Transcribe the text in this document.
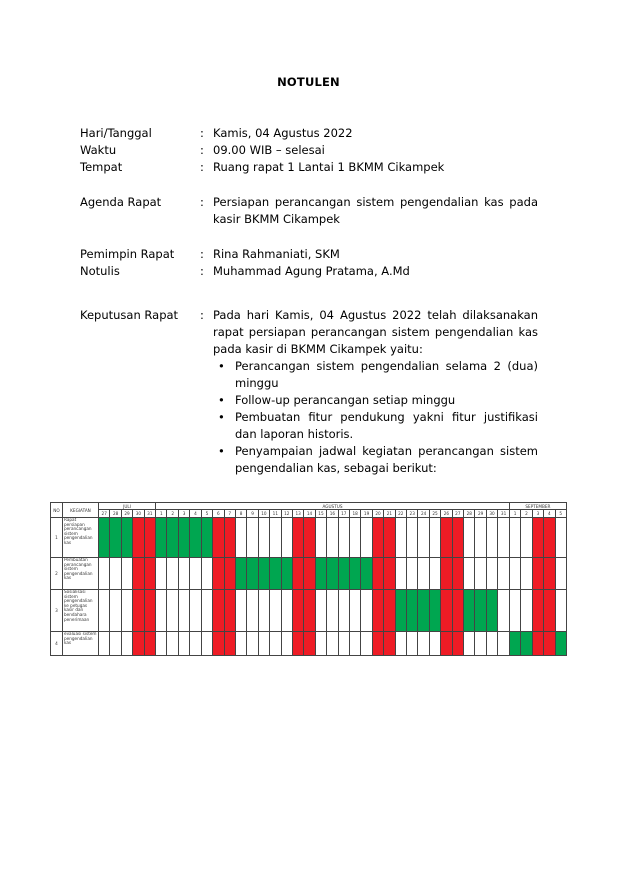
NOTULEN
Hari/Tanggal	: Kamis, 04 Agustus 2022
Waktu	: 09.00 WIB – selesai
Tempat	: Ruang rapat 1 Lantai 1 BKMM Cikampek
Agenda Rapat	: Persiapan perancangan sistem pengendalian kas pada kasir BKMM Cikampek
Pemimpin Rapat	: Rina Rahmaniati, SKM
Notulis	: Muhammad Agung Pratama, A.Md
Keputusan Rapat	: Pada hari Kamis, 04 Agustus 2022 telah dilaksanakan rapat persiapan perancangan sistem pengendalian kas pada kasir di BKMM Cikampek yaitu:
• Perancangan sistem pengendalian selama 2 (dua) minggu
• Follow-up perancangan setiap minggu
• Pembuatan fitur pendukung yakni fitur justifikasi dan laporan historis.
• Penyampaian jadwal kegiatan perancangan sistem pengendalian kas, sebagai berikut:
NO	KEGIATAN	JULI					AGUSTUS																															SEPTEMBER				
		27	28	29	30	31	1	2	3	4	5	6	7	8	9	10	11	12	13	14	15	16	17	18	19	20	21	22	23	24	25	26	27	28	29	30	31	1	2	3	4	5
1	Rapat persiapan perancangan sistem pengendalian kas																																									
2	Pembuatan perancangan sistem pengendalian kas																																									
3	Sosialisasi sistem pengendalian ke petugas kasir dan bendahara penerimaan																																									
4	evaluasi sistem pengendalian kas																																									
